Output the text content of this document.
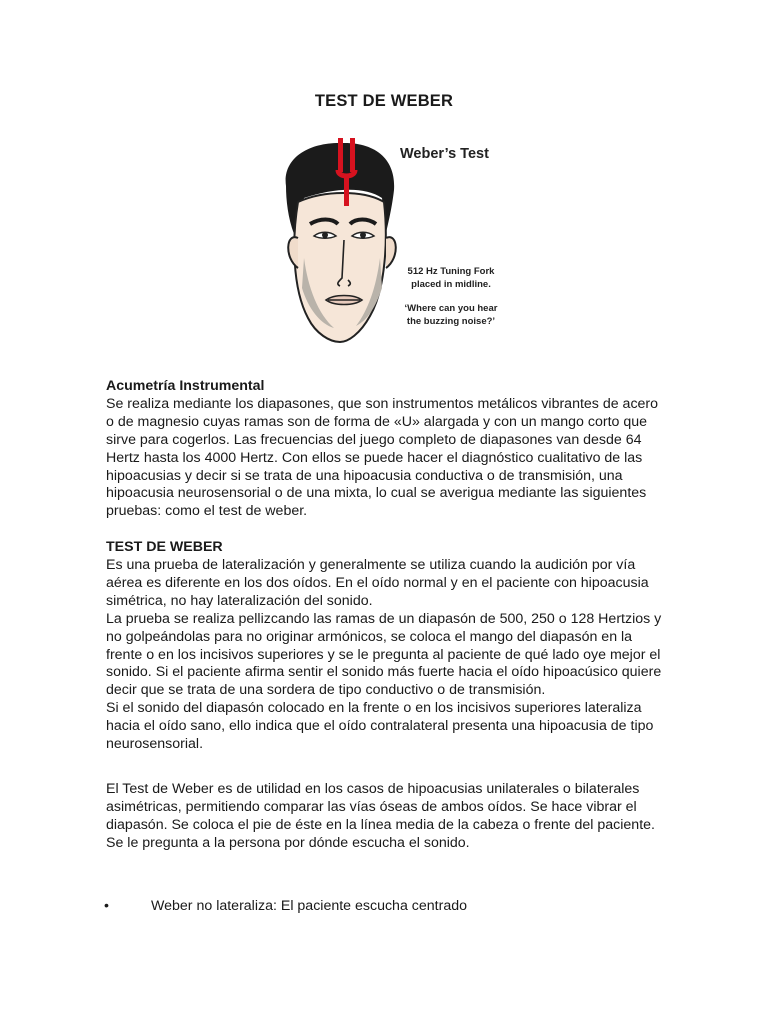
TEST DE WEBER
Weber’s Test
512 Hz Tuning Fork placed in midline.
‘Where can you hear the buzzing noise?’

Acumetría Instrumental

Se realiza mediante los diapasones, que son instrumentos metálicos vibrantes de acero o de magnesio cuyas ramas son de forma de «U» alargada y con un mango corto que sirve para cogerlos. Las frecuencias del juego completo de diapasones van desde 64 Hertz hasta los 4000 Hertz. Con ellos se puede hacer el diagnóstico cualitativo de las hipoacusias y decir si se trata de una hipoacusia conductiva o de transmisión, una hipoacusia neurosensorial o de una mixta, lo cual se averigua mediante las siguientes pruebas: como el test de weber.

TEST DE WEBER

Es una prueba de lateralización y generalmente se utiliza cuando la audición por vía aérea es diferente en los dos oídos. En el oído normal y en el paciente con hipoacusia simétrica, no hay lateralización del sonido.

La prueba se realiza pellizcando las ramas de un diapasón de 500, 250 o 128 Hertzios y no golpeándolas para no originar armónicos, se coloca el mango del diapasón en la frente o en los incisivos superiores y se le pregunta al paciente de qué lado oye mejor el sonido. Si el paciente afirma sentir el sonido más fuerte hacia el oído hipoacúsico quiere decir que se trata de una sordera de tipo conductivo o de transmisión.

Si el sonido del diapasón colocado en la frente o en los incisivos superiores lateraliza hacia el oído sano, ello indica que el oído contralateral presenta una hipoacusia de tipo neurosensorial.

El Test de Weber es de utilidad en los casos de hipoacusias unilaterales o bilaterales asimétricas, permitiendo comparar las vías óseas de ambos oídos. Se hace vibrar el diapasón. Se coloca el pie de éste en la línea media de la cabeza o frente del paciente. Se le pregunta a la persona por dónde escucha el sonido.

•	Weber no lateraliza: El paciente escucha centrado
